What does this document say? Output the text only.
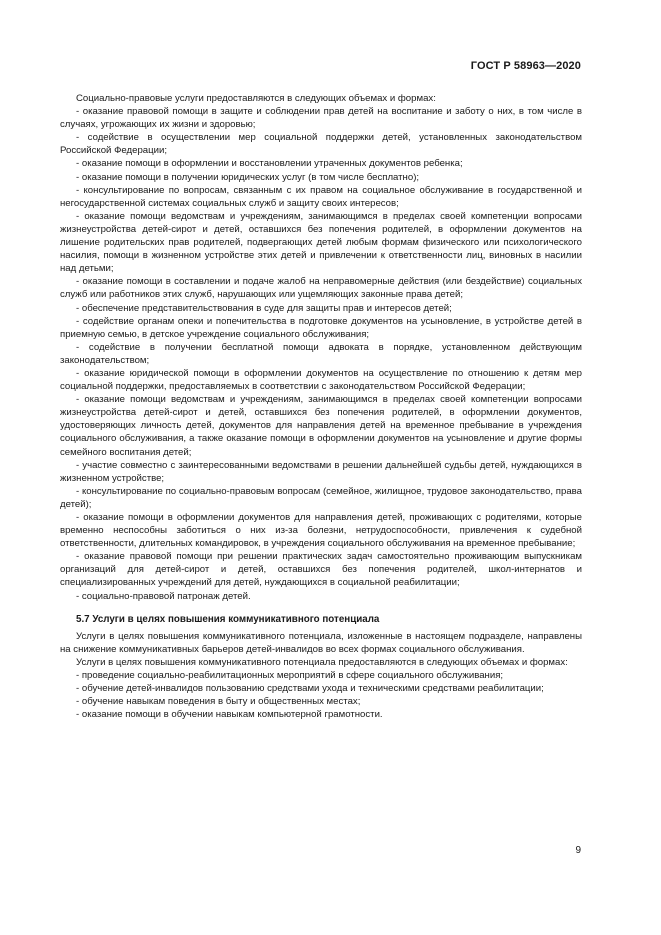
ГОСТ Р 58963—2020

Социально-правовые услуги предоставляются в следующих объемах и формах:

- оказание правовой помощи в защите и соблюдении прав детей на воспитание и заботу о них, в том числе в случаях, угрожающих их жизни и здоровью;

- содействие в осуществлении мер социальной поддержки детей, установленных законодательством Российской Федерации;

- оказание помощи в оформлении и восстановлении утраченных документов ребенка;

- оказание помощи в получении юридических услуг (в том числе бесплатно);

- консультирование по вопросам, связанным с их правом на социальное обслуживание в государственной и негосударственной системах социальных служб и защиту своих интересов;

- оказание помощи ведомствам и учреждениям, занимающимся в пределах своей компетенции вопросами жизнеустройства детей-сирот и детей, оставшихся без попечения родителей, в оформлении документов на лишение родительских прав родителей, подвергающих детей любым формам физического или психологического насилия, помощи в жизненном устройстве этих детей и привлечении к ответственности лиц, виновных в насилии над детьми;

- оказание помощи в составлении и подаче жалоб на неправомерные действия (или бездействие) социальных служб или работников этих служб, нарушающих или ущемляющих законные права детей;

- обеспечение представительствования в суде для защиты прав и интересов детей;

- содействие органам опеки и попечительства в подготовке документов на усыновление, в устройстве детей в приемную семью, в детское учреждение социального обслуживания;

- содействие в получении бесплатной помощи адвоката в порядке, установленном действующим законодательством;

- оказание юридической помощи в оформлении документов на осуществление по отношению к детям мер социальной поддержки, предоставляемых в соответствии с законодательством Российской Федерации;

- оказание помощи ведомствам и учреждениям, занимающимся в пределах своей компетенции вопросами жизнеустройства детей-сирот и детей, оставшихся без попечения родителей, в оформлении документов, удостоверяющих личность детей, документов для направления детей на временное пребывание в учреждения социального обслуживания, а также оказание помощи в оформлении документов на усыновление и другие формы семейного воспитания детей;

- участие совместно с заинтересованными ведомствами в решении дальнейшей судьбы детей, нуждающихся в жизненном устройстве;

- консультирование по социально-правовым вопросам (семейное, жилищное, трудовое законодательство, права детей);

- оказание помощи в оформлении документов для направления детей, проживающих с родителями, которые временно неспособны заботиться о них из-за болезни, нетрудоспособности, привлечения к судебной ответственности, длительных командировок, в учреждения социального обслуживания на временное пребывание;

- оказание правовой помощи при решении практических задач самостоятельно проживающим выпускникам организаций для детей-сирот и детей, оставшихся без попечения родителей, школ-интернатов и специализированных учреждений для детей, нуждающихся в социальной реабилитации;

- социально-правовой патронаж детей.

5.7 Услуги в целях повышения коммуникативного потенциала

Услуги в целях повышения коммуникативного потенциала, изложенные в настоящем подразделе, направлены на снижение коммуникативных барьеров детей-инвалидов во всех формах социального обслуживания.

Услуги в целях повышения коммуникативного потенциала предоставляются в следующих объемах и формах:

- проведение социально-реабилитационных мероприятий в сфере социального обслуживания;

- обучение детей-инвалидов пользованию средствами ухода и техническими средствами реабилитации;

- обучение навыкам поведения в быту и общественных местах;

- оказание помощи в обучении навыкам компьютерной грамотности.

9
